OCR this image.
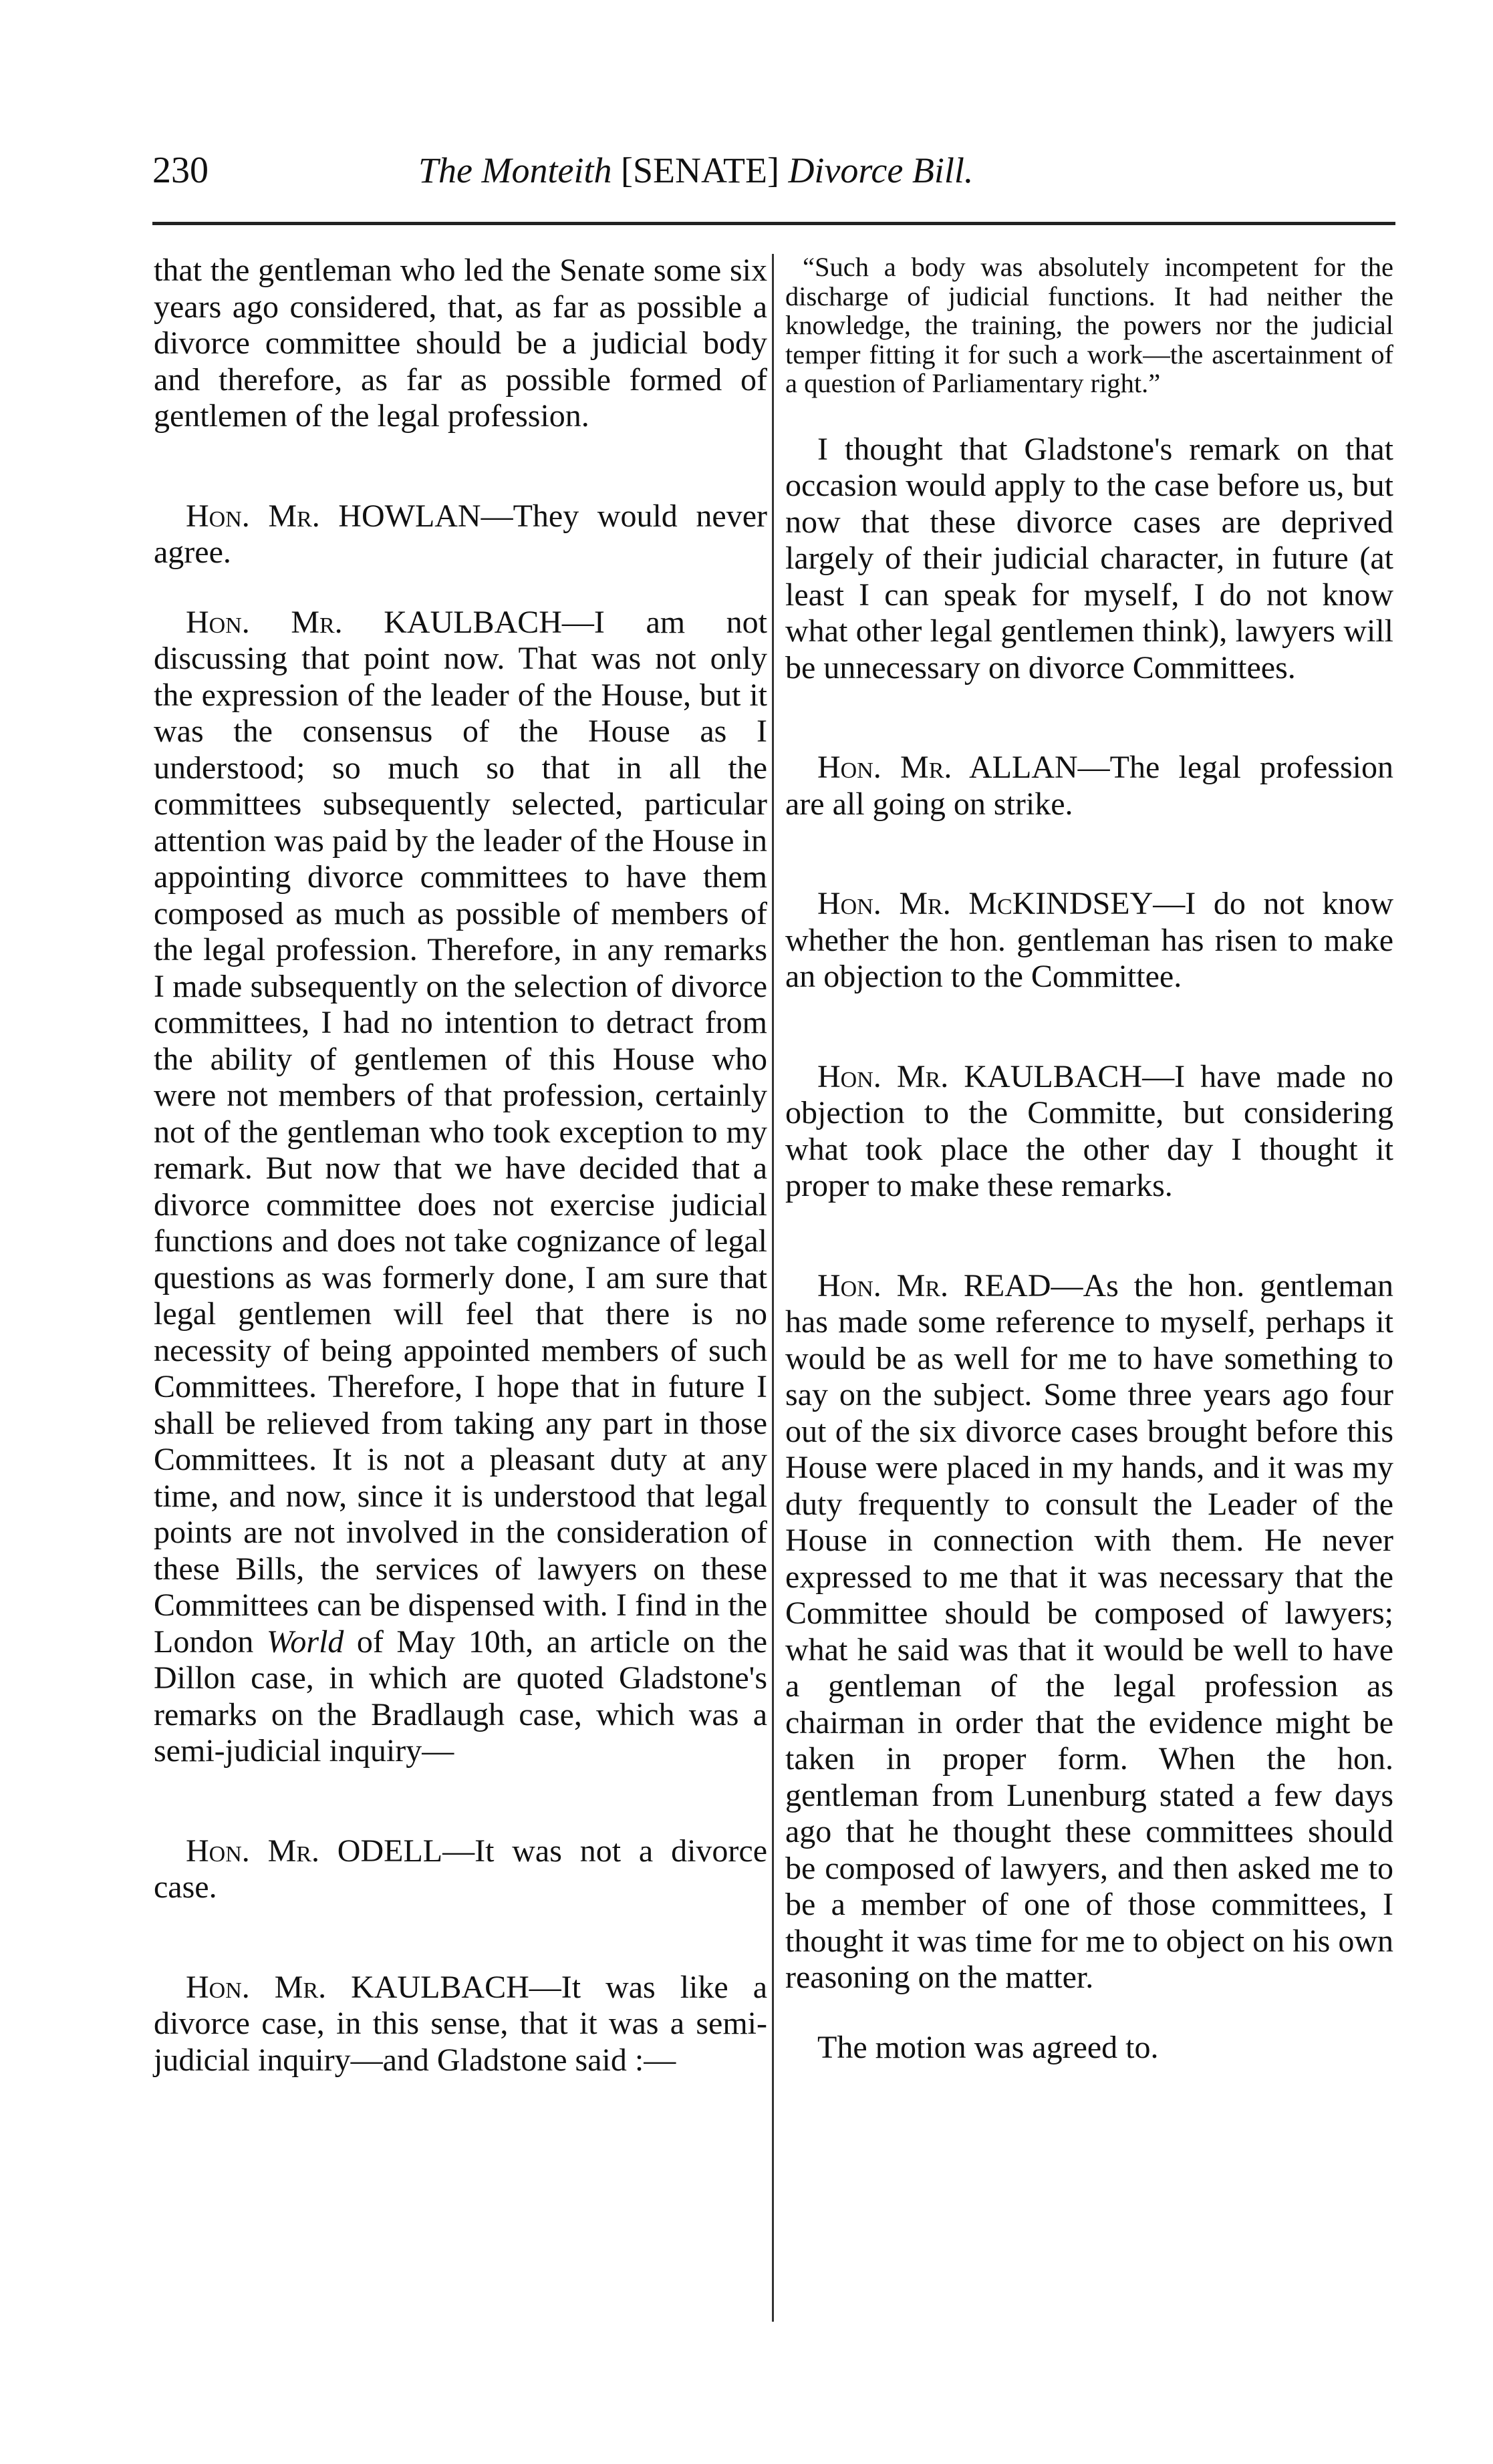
230	The Monteith [SENATE] Divorce Bill.

that the gentleman who led the Senate some six years ago considered, that, as far as possible a divorce committee should be a judicial body and therefore, as far as possible formed of gentlemen of the legal profession.

Hon. Mr. HOWLAN—They would never agree.

Hon. Mr. KAULBACH—I am not discussing that point now. That was not only the expression of the leader of the House, but it was the consensus of the House as I understood; so much so that in all the committees subsequently selected, particular attention was paid by the leader of the House in appointing divorce committees to have them composed as much as possible of members of the legal profession. Therefore, in any remarks I made subsequently on the selection of divorce committees, I had no intention to detract from the ability of gentlemen of this House who were not members of that profession, certainly not of the gentleman who took exception to my remark. But now that we have decided that a divorce committee does not exercise judicial functions and does not take cognizance of legal questions as was formerly done, I am sure that legal gentlemen will feel that there is no necessity of being appointed members of such Committees. Therefore, I hope that in future I shall be relieved from taking any part in those Committees. It is not a pleasant duty at any time, and now, since it is understood that legal points are not involved in the consideration of these Bills, the services of lawyers on these Committees can be dispensed with. I find in the London World of May 10th, an article on the Dillon case, in which are quoted Gladstone's remarks on the Bradlaugh case, which was a semi-judicial inquiry—

Hon. Mr. ODELL—It was not a divorce case.

Hon. Mr. KAULBACH—It was like a divorce case, in this sense, that it was a semi-judicial inquiry—and Gladstone said :—

“Such a body was absolutely incompetent for the discharge of judicial functions. It had neither the knowledge, the training, the powers nor the judicial temper fitting it for such a work—the ascertainment of a question of Parliamentary right.”

I thought that Gladstone's remark on that occasion would apply to the case before us, but now that these divorce cases are deprived largely of their judicial character, in future (at least I can speak for myself, I do not know what other legal gentlemen think), lawyers will be unnecessary on divorce Committees.

Hon. Mr. ALLAN—The legal profession are all going on strike.

Hon. Mr. McKINDSEY—I do not know whether the hon. gentleman has risen to make an objection to the Committee.

Hon. Mr. KAULBACH—I have made no objection to the Committe, but considering what took place the other day I thought it proper to make these remarks.

Hon. Mr. READ—As the hon. gentleman has made some reference to myself, perhaps it would be as well for me to have something to say on the subject. Some three years ago four out of the six divorce cases brought before this House were placed in my hands, and it was my duty frequently to consult the Leader of the House in connection with them. He never expressed to me that it was necessary that the Committee should be composed of lawyers; what he said was that it would be well to have a gentleman of the legal profession as chairman in order that the evidence might be taken in proper form. When the hon. gentleman from Lunenburg stated a few days ago that he thought these committees should be composed of lawyers, and then asked me to be a member of one of those committees, I thought it was time for me to object on his own reasoning on the matter.

The motion was agreed to.
